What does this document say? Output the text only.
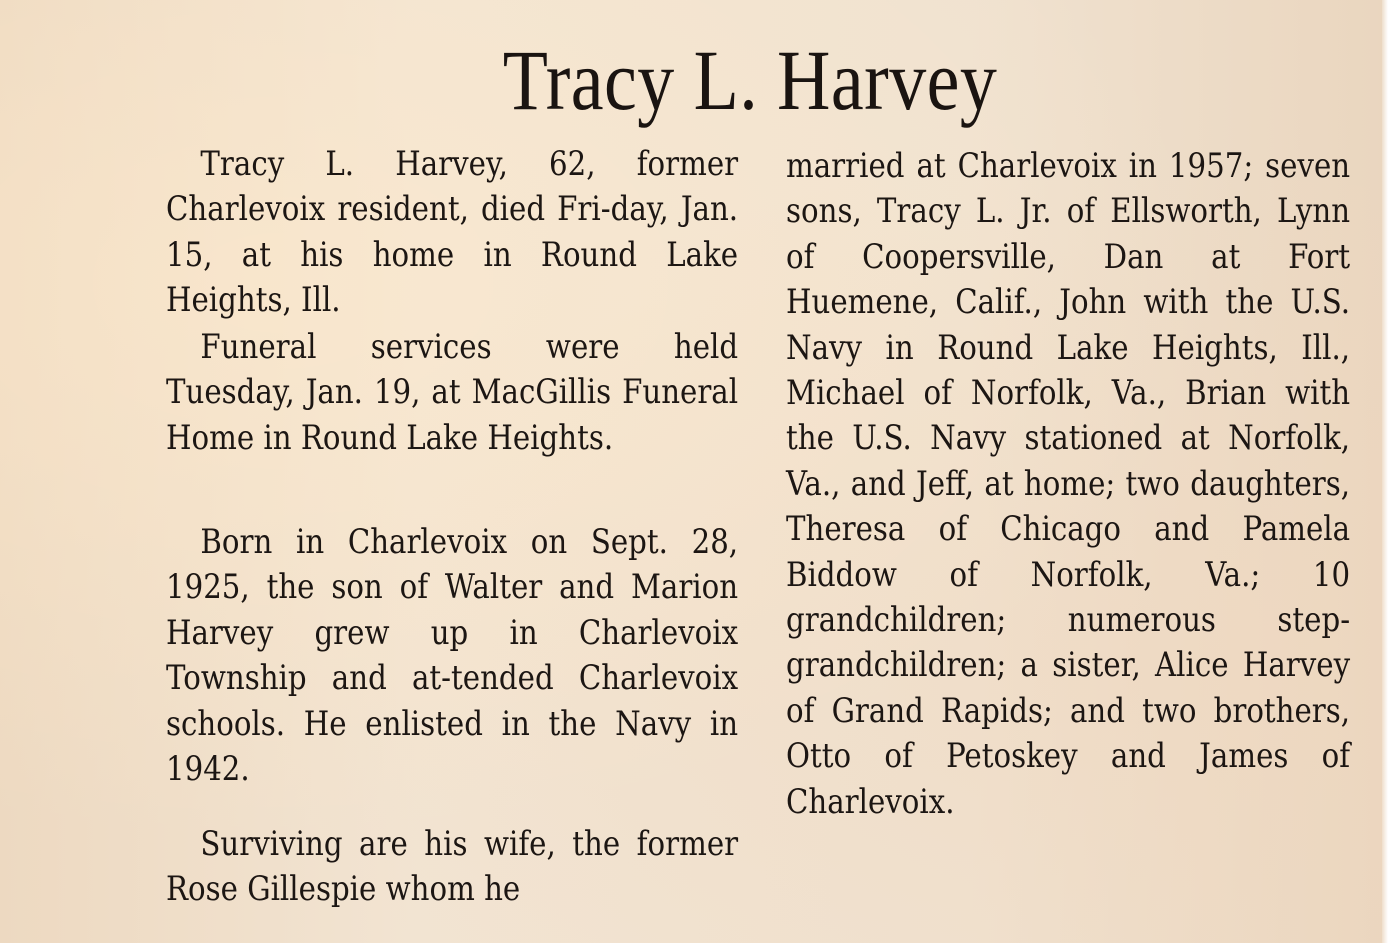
Tracy L. Harvey

Tracy L. Harvey, 62, former Charlevoix resident, died Fri-day, Jan. 15, at his home in Round Lake Heights, Ill.

Funeral services were held Tuesday, Jan. 19, at MacGillis Funeral Home in Round Lake Heights.

Born in Charlevoix on Sept. 28, 1925, the son of Walter and Marion Harvey grew up in Charlevoix Township and at-tended Charlevoix schools. He enlisted in the Navy in 1942.

Surviving are his wife, the former Rose Gillespie whom he

married at Charlevoix in 1957; seven sons, Tracy L. Jr. of Ellsworth, Lynn of Coopersville, Dan at Fort Huemene, Calif., John with the U.S. Navy in Round Lake Heights, Ill., Michael of Norfolk, Va., Brian with the U.S. Navy stationed at Norfolk, Va., and Jeff, at home; two daughters, Theresa of Chicago and Pamela Biddow of Norfolk, Va.; 10 grandchildren; numerous step-grandchildren; a sister, Alice Harvey of Grand Rapids; and two brothers, Otto of Petoskey and James of Charlevoix.
